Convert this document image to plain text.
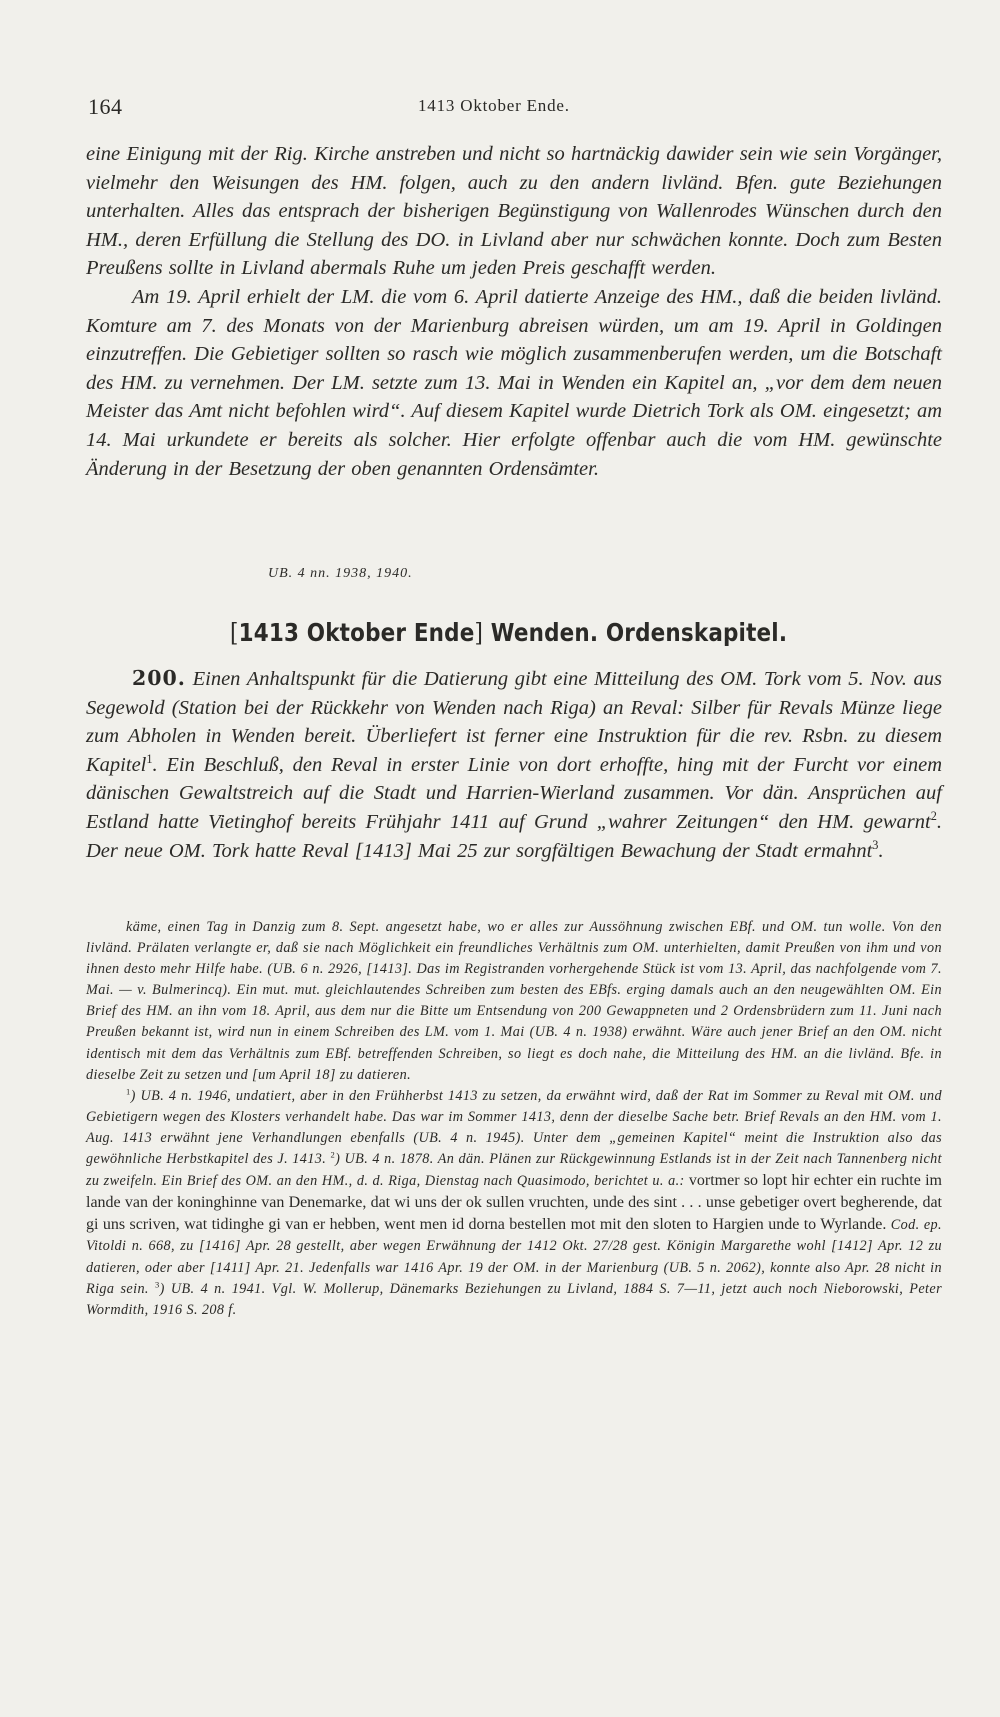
164	1413 Oktober Ende.

eine Einigung mit der Rig. Kirche anstreben und nicht so hartnäckig dawider sein wie sein Vorgänger, vielmehr den Weisungen des HM. folgen, auch zu den andern livländ. Bfen. gute Beziehungen unterhalten. Alles das entsprach der bisherigen Begünstigung von Wallenrodes Wünschen durch den HM., deren Erfüllung die Stellung des DO. in Livland aber nur schwächen konnte. Doch zum Besten Preußens sollte in Livland abermals Ruhe um jeden Preis geschafft werden.

Am 19. April erhielt der LM. die vom 6. April datierte Anzeige des HM., daß die beiden livländ. Komture am 7. des Monats von der Marienburg abreisen würden, um am 19. April in Goldingen einzutreffen. Die Gebietiger sollten so rasch wie möglich zusammenberufen werden, um die Botschaft des HM. zu vernehmen. Der LM. setzte zum 13. Mai in Wenden ein Kapitel an, „vor dem dem neuen Meister das Amt nicht befohlen wird“. Auf diesem Kapitel wurde Dietrich Tork als OM. eingesetzt; am 14. Mai urkundete er bereits als solcher. Hier erfolgte offenbar auch die vom HM. gewünschte Änderung in der Besetzung der oben genannten Ordensämter.

UB. 4 nn. 1938, 1940.
[1413 Oktober Ende] Wenden. Ordenskapitel.

200. Einen Anhaltspunkt für die Datierung gibt eine Mitteilung des OM. Tork vom 5. Nov. aus Segewold (Station bei der Rückkehr von Wenden nach Riga) an Reval: Silber für Revals Münze liege zum Abholen in Wenden bereit. Überliefert ist ferner eine Instruktion für die rev. Rsbn. zu diesem Kapitel$^1$. Ein Beschluß, den Reval in erster Linie von dort erhoffte, hing mit der Furcht vor einem dänischen Gewaltstreich auf die Stadt und Harrien-Wierland zusammen. Vor dän. Ansprüchen auf Estland hatte Vietinghof bereits Frühjahr 1411 auf Grund „wahrer Zeitungen“ den HM. gewarnt$^2$. Der neue OM. Tork hatte Reval [1413] Mai 25 zur sorgfältigen Bewachung der Stadt ermahnt$^3$.

käme, einen Tag in Danzig zum 8. Sept. angesetzt habe, wo er alles zur Aussöhnung zwischen EBf. und OM. tun wolle. Von den livländ. Prälaten verlangte er, daß sie nach Möglichkeit ein freundliches Verhältnis zum OM. unterhielten, damit Preußen von ihm und von ihnen desto mehr Hilfe habe. (UB. 6 n. 2926, [1413]. Das im Registranden vorhergehende Stück ist vom 13. April, das nachfolgende vom 7. Mai. — v. Bulmerincq). Ein mut. mut. gleichlautendes Schreiben zum besten des EBfs. erging damals auch an den neugewählten OM. Ein Brief des HM. an ihn vom 18. April, aus dem nur die Bitte um Entsendung von 200 Gewappneten und 2 Ordensbrüdern zum 11. Juni nach Preußen bekannt ist, wird nun in einem Schreiben des LM. vom 1. Mai (UB. 4 n. 1938) erwähnt. Wäre auch jener Brief an den OM. nicht identisch mit dem das Verhältnis zum EBf. betreffenden Schreiben, so liegt es doch nahe, die Mitteilung des HM. an die livländ. Bfe. in dieselbe Zeit zu setzen und [um April 18] zu datieren.

$^1$) UB. 4 n. 1946, undatiert, aber in den Frühherbst 1413 zu setzen, da erwähnt wird, daß der Rat im Sommer zu Reval mit OM. und Gebietigern wegen des Klosters verhandelt habe. Das war im Sommer 1413, denn der dieselbe Sache betr. Brief Revals an den HM. vom 1. Aug. 1413 erwähnt jene Verhandlungen ebenfalls (UB. 4 n. 1945). Unter dem „gemeinen Kapitel“ meint die Instruktion also das gewöhnliche Herbstkapitel des J. 1413. $^2$) UB. 4 n. 1878. An dän. Plänen zur Rückgewinnung Estlands ist in der Zeit nach Tannenberg nicht zu zweifeln. Ein Brief des OM. an den HM., d. d. Riga, Dienstag nach Quasimodo, berichtet u. a.: vortmer so lopt hir echter ein ruchte im lande van der koninghinne van Denemarke, dat wi uns der ok sullen vruchten, unde des sint . . . unse gebetiger overt begherende, dat gi uns scriven, wat tidinghe gi van er hebben, went men id dorna bestellen mot mit den sloten to Hargien unde to Wyrlande. Cod. ep. Vitoldi n. 668, zu [1416] Apr. 28 gestellt, aber wegen Erwähnung der 1412 Okt. 27/28 gest. Königin Margarethe wohl [1412] Apr. 12 zu datieren, oder aber [1411] Apr. 21. Jedenfalls war 1416 Apr. 19 der OM. in der Marienburg (UB. 5 n. 2062), konnte also Apr. 28 nicht in Riga sein. $^3$) UB. 4 n. 1941. Vgl. W. Mollerup, Dänemarks Beziehungen zu Livland, 1884 S. 7—11, jetzt auch noch Nieborowski, Peter Wormdith, 1916 S. 208 f.
